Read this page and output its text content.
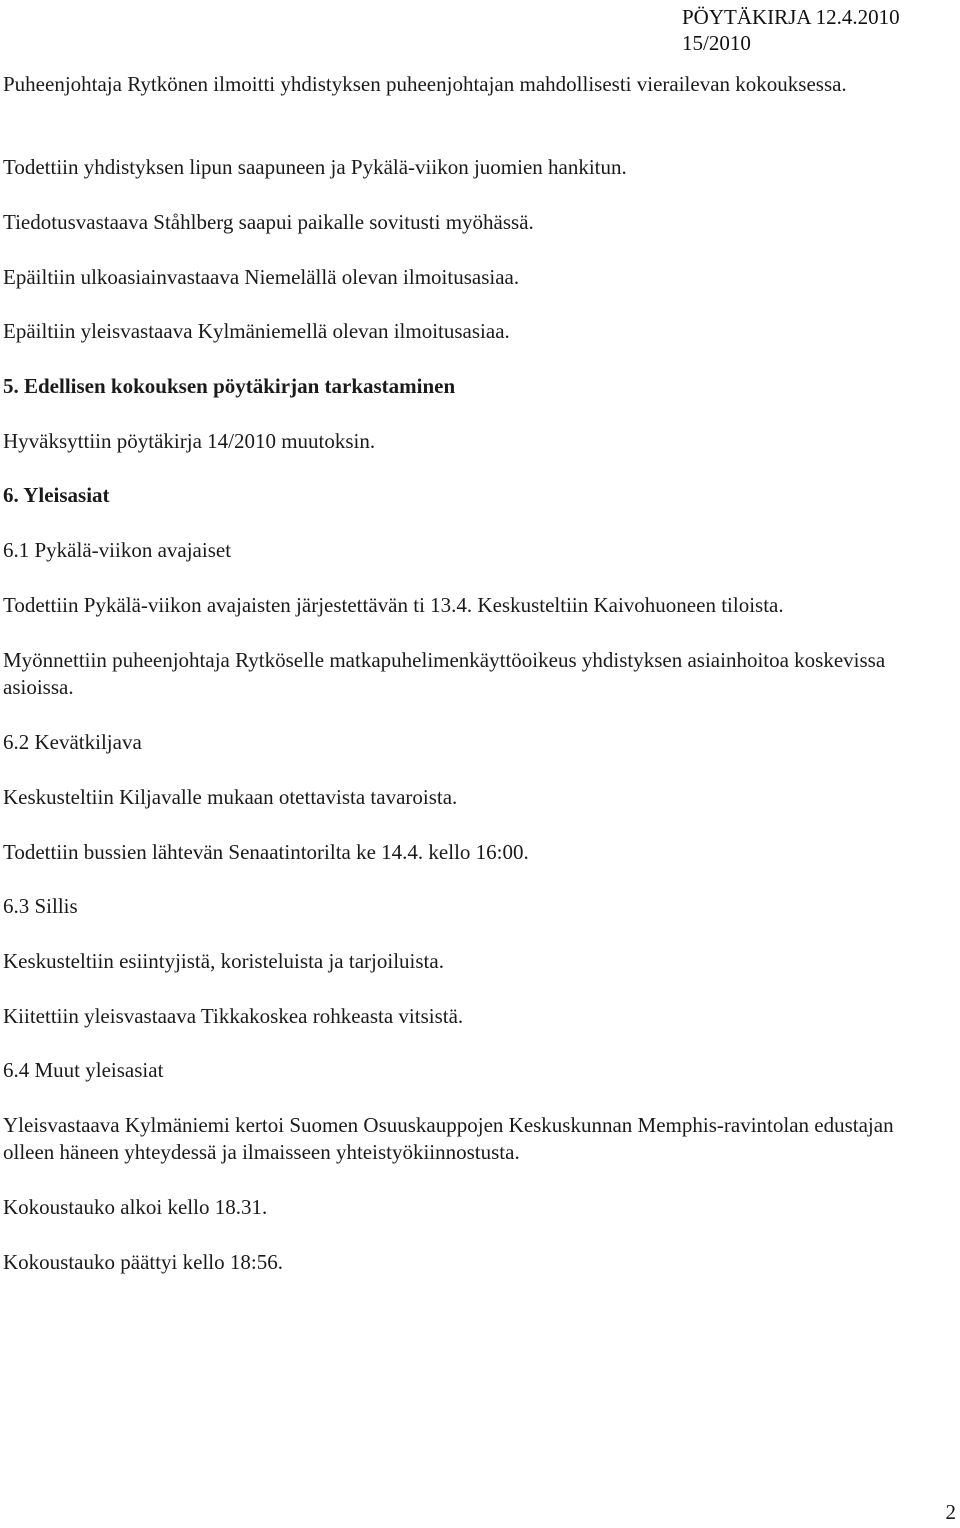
PÖYTÄKIRJA 12.4.2010
15/2010

Puheenjohtaja Rytkönen ilmoitti yhdistyksen puheenjohtajan mahdollisesti vierailevan kokouksessa.

Todettiin yhdistyksen lipun saapuneen ja Pykälä-viikon juomien hankitun.

Tiedotusvastaava Ståhlberg saapui paikalle sovitusti myöhässä.

Epäiltiin ulkoasiainvastaava Niemelällä olevan ilmoitusasiaa.

Epäiltiin yleisvastaava Kylmäniemellä olevan ilmoitusasiaa.

5. Edellisen kokouksen pöytäkirjan tarkastaminen

Hyväksyttiin pöytäkirja 14/2010 muutoksin.

6. Yleisasiat

6.1 Pykälä-viikon avajaiset

Todettiin Pykälä-viikon avajaisten järjestettävän ti 13.4. Keskusteltiin Kaivohuoneen tiloista.

Myönnettiin puheenjohtaja Rytköselle matkapuhelimenkäyttöoikeus yhdistyksen asiainhoitoa koskevissa asioissa.

6.2 Kevätkiljava

Keskusteltiin Kiljavalle mukaan otettavista tavaroista.

Todettiin bussien lähtevän Senaatintorilta ke 14.4. kello 16:00.

6.3 Sillis

Keskusteltiin esiintyjistä, koristeluista ja tarjoiluista.

Kiitettiin yleisvastaava Tikkakoskea rohkeasta vitsistä.

6.4 Muut yleisasiat

Yleisvastaava Kylmäniemi kertoi Suomen Osuuskauppojen Keskuskunnan Memphis-ravintolan edustajan olleen häneen yhteydessä ja ilmaisseen yhteistyökiinnostusta.

Kokoustauko alkoi kello 18.31.

Kokoustauko päättyi kello 18:56.

2
